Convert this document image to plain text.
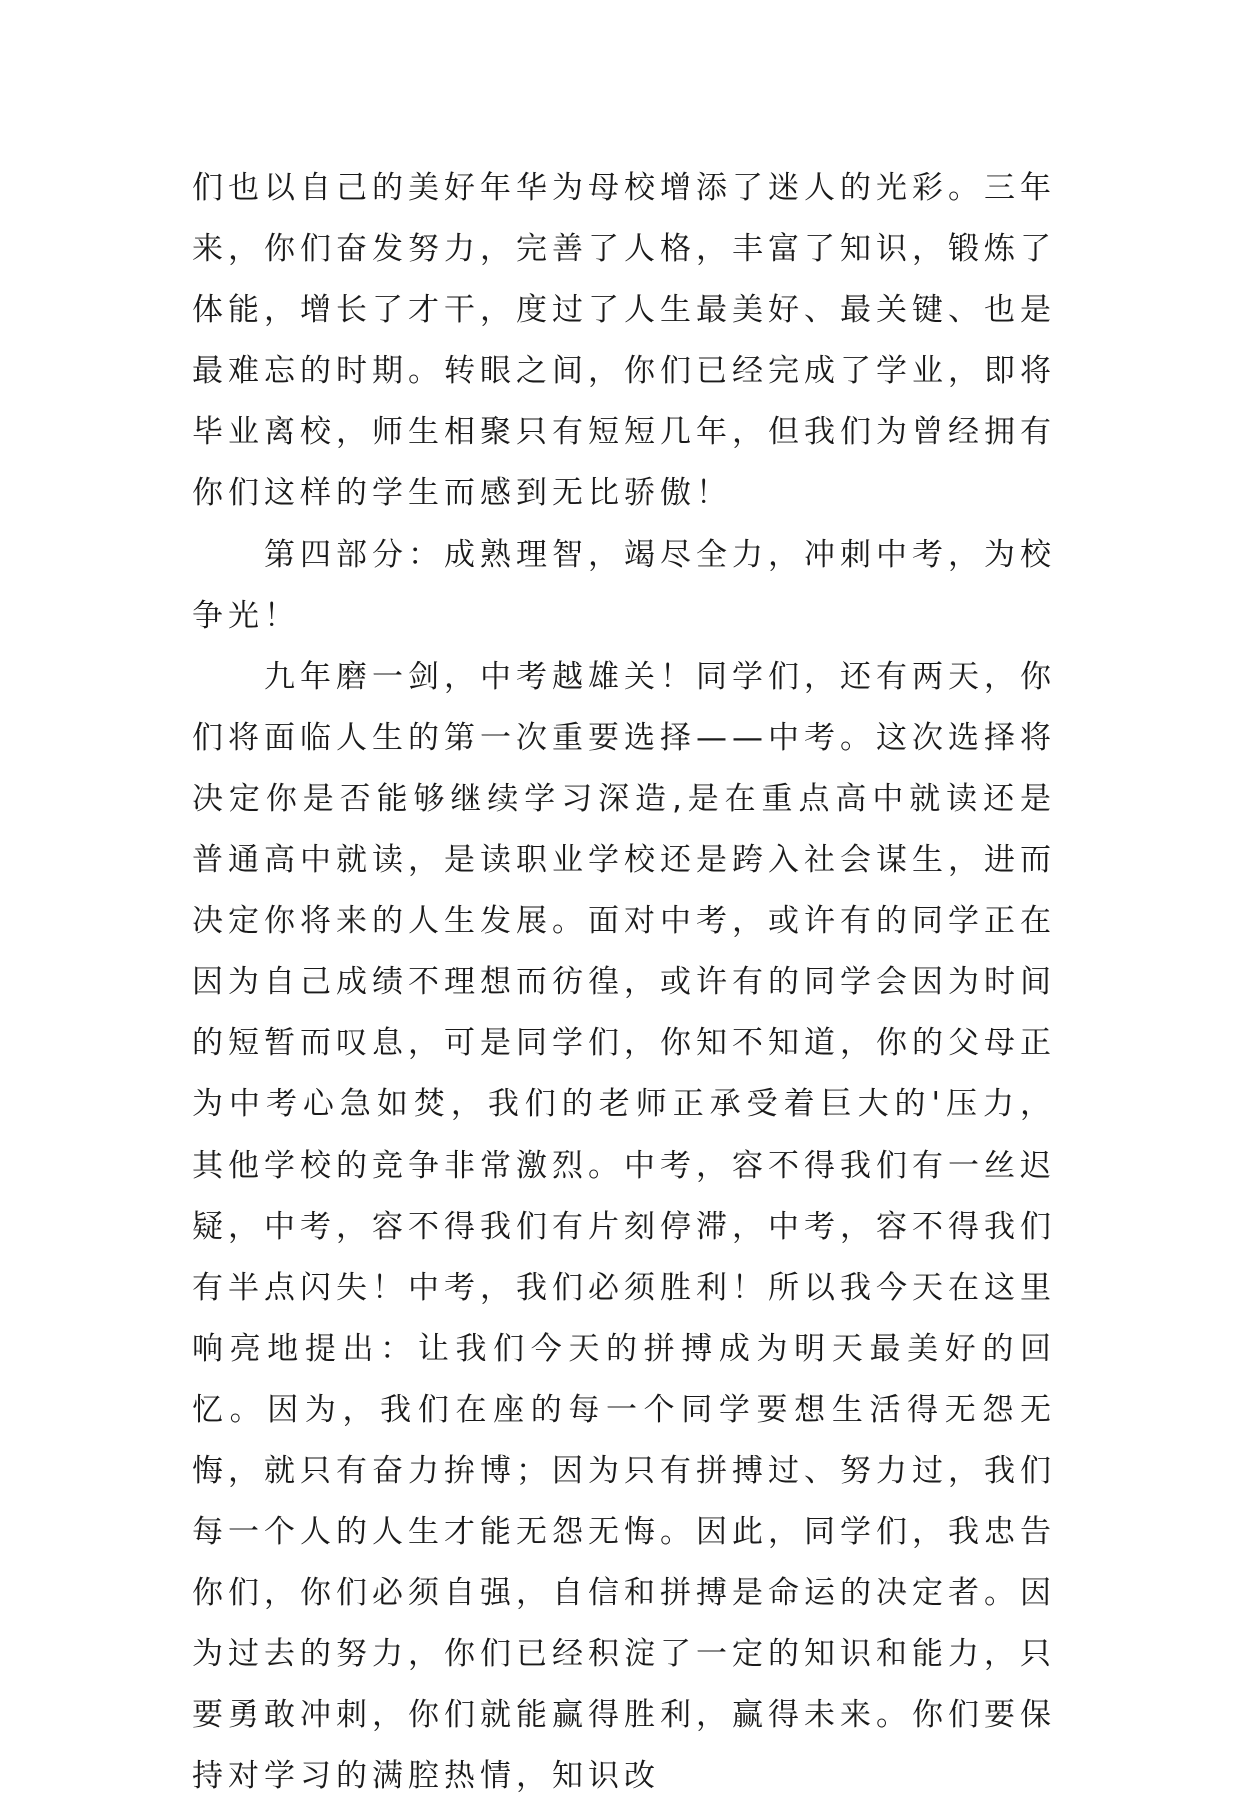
们也以自己的美好年华为母校增添了迷人的光彩。三年来，你们奋发努力，完善了人格，丰富了知识，锻炼了体能，增长了才干，度过了人生最美好、最关键、也是最难忘的时期。转眼之间，你们已经完成了学业，即将毕业离校，师生相聚只有短短几年，但我们为曾经拥有你们这样的学生而感到无比骄傲！

第四部分：成熟理智，竭尽全力，冲刺中考，为校争光！

九年磨一剑，中考越雄关！同学们，还有两天，你们将面临人生的第一次重要选择——中考。这次选择将决定你是否能够继续学习深造,是在重点高中就读还是普通高中就读，是读职业学校还是跨入社会谋生，进而决定你将来的人生发展。面对中考，或许有的同学正在因为自己成绩不理想而彷徨，或许有的同学会因为时间的短暂而叹息，可是同学们，你知不知道，你的父母正为中考心急如焚，我们的老师正承受着巨大的'压力，其他学校的竞争非常激烈。中考，容不得我们有一丝迟疑，中考，容不得我们有片刻停滞，中考，容不得我们有半点闪失！中考，我们必须胜利！所以我今天在这里响亮地提出：让我们今天的拼搏成为明天最美好的回忆。因为，我们在座的每一个同学要想生活得无怨无悔，就只有奋力拚博；因为只有拼搏过、努力过，我们每一个人的人生才能无怨无悔。因此，同学们，我忠告你们，你们必须自强，自信和拼搏是命运的决定者。因为过去的努力，你们已经积淀了一定的知识和能力，只要勇敢冲刺，你们就能赢得胜利，赢得未来。你们要保持对学习的满腔热情，知识改
